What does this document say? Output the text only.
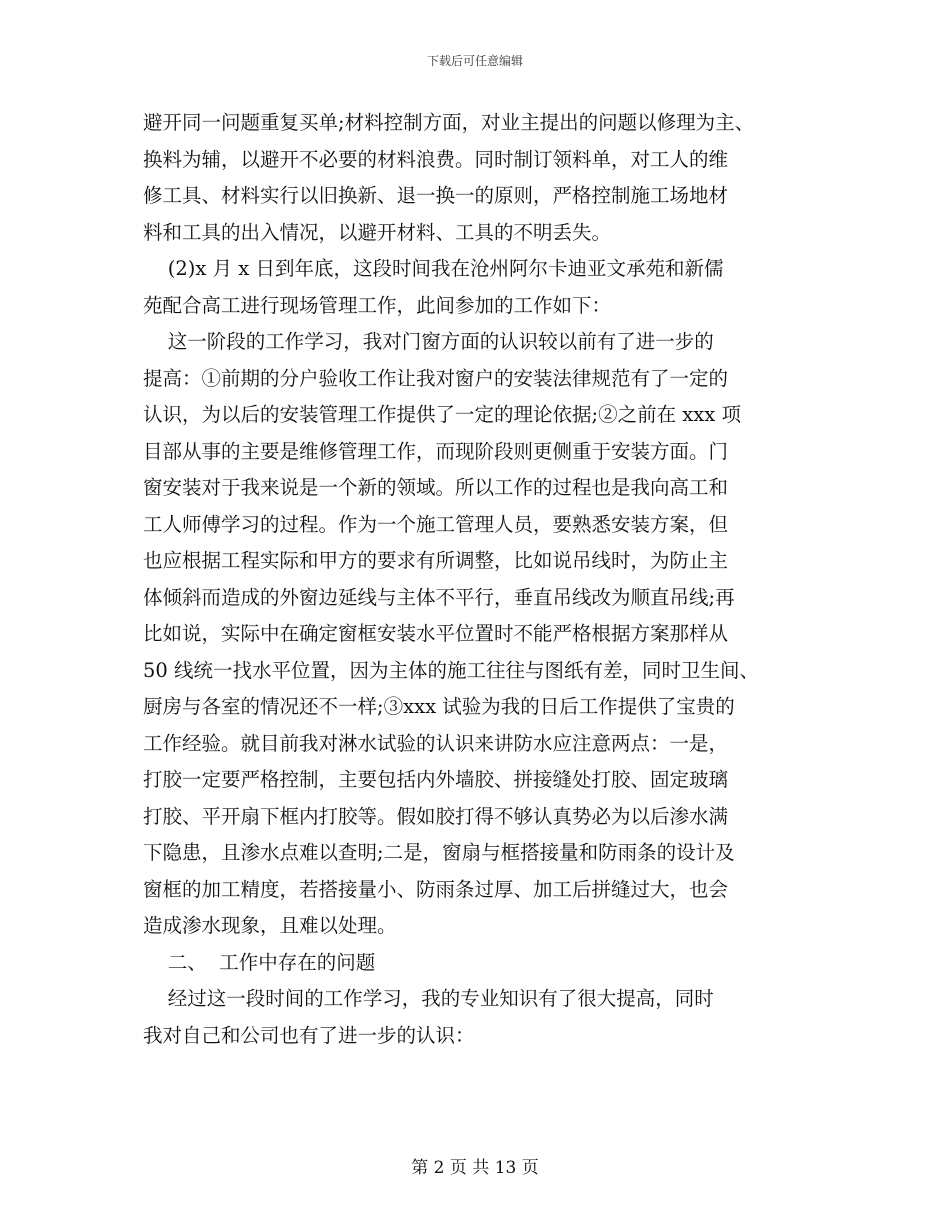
下载后可任意编辑
避开同一问题重复买单;材料控制方面，对业主提出的问题以修理为主、
换料为辅，以避开不必要的材料浪费。同时制订领料单，对工人的维
修工具、材料实行以旧换新、退一换一的原则，严格控制施工场地材
料和工具的出入情况，以避开材料、工具的不明丢失。
(2)x 月 x 日到年底，这段时间我在沧州阿尔卡迪亚文承苑和新儒
苑配合高工进行现场管理工作，此间参加的工作如下：
这一阶段的工作学习，我对门窗方面的认识较以前有了进一步的
提高：①前期的分户验收工作让我对窗户的安装法律规范有了一定的
认识，为以后的安装管理工作提供了一定的理论依据;②之前在 xxx 项
目部从事的主要是维修管理工作，而现阶段则更侧重于安装方面。门
窗安装对于我来说是一个新的领域。所以工作的过程也是我向高工和
工人师傅学习的过程。作为一个施工管理人员，要熟悉安装方案，但
也应根据工程实际和甲方的要求有所调整，比如说吊线时，为防止主
体倾斜而造成的外窗边延线与主体不平行，垂直吊线改为顺直吊线;再
比如说，实际中在确定窗框安装水平位置时不能严格根据方案那样从
50 线统一找水平位置，因为主体的施工往往与图纸有差，同时卫生间、
厨房与各室的情况还不一样;③xxx 试验为我的日后工作提供了宝贵的
工作经验。就目前我对淋水试验的认识来讲防水应注意两点：一是，
打胶一定要严格控制，主要包括内外墙胶、拼接缝处打胶、固定玻璃
打胶、平开扇下框内打胶等。假如胶打得不够认真势必为以后渗水满
下隐患，且渗水点难以查明;二是，窗扇与框搭接量和防雨条的设计及
窗框的加工精度，若搭接量小、防雨条过厚、加工后拼缝过大，也会
造成渗水现象，且难以处理。
二、  工作中存在的问题
经过这一段时间的工作学习，我的专业知识有了很大提高，同时
我对自己和公司也有了进一步的认识：
第 2 页 共 13 页
